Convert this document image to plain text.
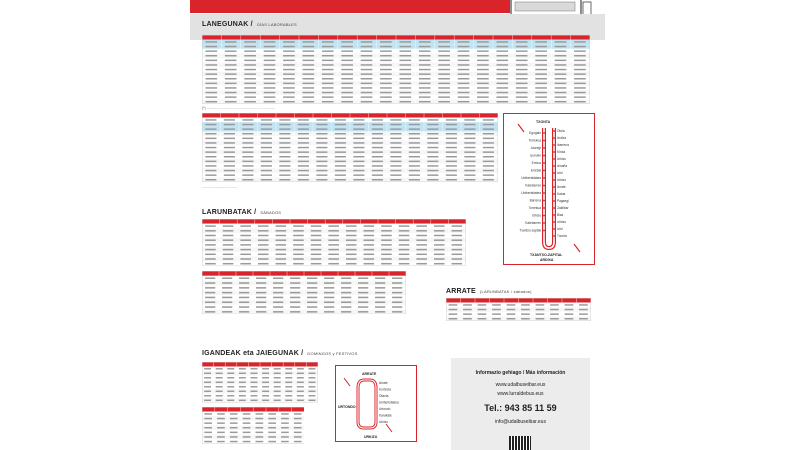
LANEGUNAK / DÍAS LABORABLES
(*) ......................................................................
....................................
TXONTA
Egogain
Torrekua
Jauregi
Ipuruko
Ermua
Errebal
Unibertsitatea
Kalebarren
Unibertsitatea
Barrena
Torrekua
Urkizu
Kalebarren
Txantxo-zapital
Otola
Ardixa
Ibarrena
Kirola
Urkizu
Amaña
Urki
Urkizu
Arrate
Katua
Pagaegi
Zaldibar
Bisa
Urkizu
Urki
Txonta
TXANTXO-ZAPITAL
ARDIXA
LARUNBATAK / SÁBADOS
ARRATE (LARUNBATAK / sábados)
IGANDEAK eta JAIEGUNAK / DOMINGOS y FESTIVOS
ARRATE
Arrate
Kurtzeta
Otaola
Unibertsitatea
Urtondo
Karakate
Urkizu
URTONDO
URKIZU
Informazio gehiago / Más información
www.udalbuseibar.eus
www.lurraldebus.eus
Tel.: 943 85 11 59
info@udalbuseibar.eus
